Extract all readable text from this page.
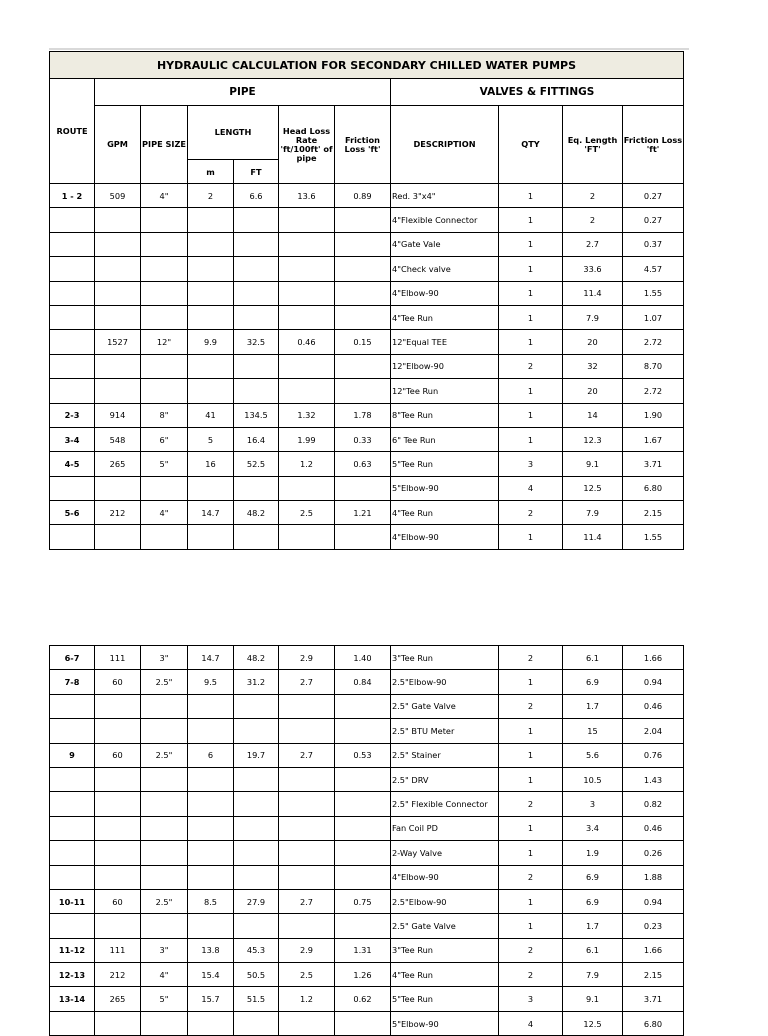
HYDRAULIC CALCULATION FOR SECONDARY CHILLED WATER PUMPS										
ROUTE	PIPE						VALVES & FITTINGS			
	GPM	PIPE SIZE	LENGTH		Head Loss Rate 'ft/100ft' of pipe	Friction Loss 'ft'	DESCRIPTION	QTY	Eq. Length 'FT'	Friction Loss 'ft'
			m	FT						
1 - 2	509	4"	2	6.6	13.6	0.89	Red. 3"x4"	1	2	0.27
							4"Flexible Connector	1	2	0.27
							4"Gate Vale	1	2.7	0.37
							4"Check valve	1	33.6	4.57
							4"Elbow-90	1	11.4	1.55
							4"Tee Run	1	7.9	1.07
	1527	12"	9.9	32.5	0.46	0.15	12"Equal TEE	1	20	2.72
							12"Elbow-90	2	32	8.70
							12"Tee Run	1	20	2.72
2-3	914	8"	41	134.5	1.32	1.78	8"Tee Run	1	14	1.90
3-4	548	6"	5	16.4	1.99	0.33	6" Tee Run	1	12.3	1.67
4-5	265	5"	16	52.5	1.2	0.63	5"Tee Run	3	9.1	3.71
							5"Elbow-90	4	12.5	6.80
5-6	212	4"	14.7	48.2	2.5	1.21	4"Tee Run	2	7.9	2.15
							4"Elbow-90	1	11.4	1.55
6-7	111	3"	14.7	48.2	2.9	1.40	3"Tee Run	2	6.1	1.66
7-8	60	2.5"	9.5	31.2	2.7	0.84	2.5"Elbow-90	1	6.9	0.94
							2.5" Gate Valve	2	1.7	0.46
							2.5" BTU Meter	1	15	2.04
9	60	2.5"	6	19.7	2.7	0.53	2.5" Stainer	1	5.6	0.76
							2.5" DRV	1	10.5	1.43
							2.5" Flexible Connector	2	3	0.82
							Fan Coil PD	1	3.4	0.46
							2-Way Valve	1	1.9	0.26
							4"Elbow-90	2	6.9	1.88
10-11	60	2.5"	8.5	27.9	2.7	0.75	2.5"Elbow-90	1	6.9	0.94
							2.5" Gate Valve	1	1.7	0.23
11-12	111	3"	13.8	45.3	2.9	1.31	3"Tee Run	2	6.1	1.66
12-13	212	4"	15.4	50.5	2.5	1.26	4"Tee Run	2	7.9	2.15
13-14	265	5"	15.7	51.5	1.2	0.62	5"Tee Run	3	9.1	3.71
							5"Elbow-90	4	12.5	6.80
